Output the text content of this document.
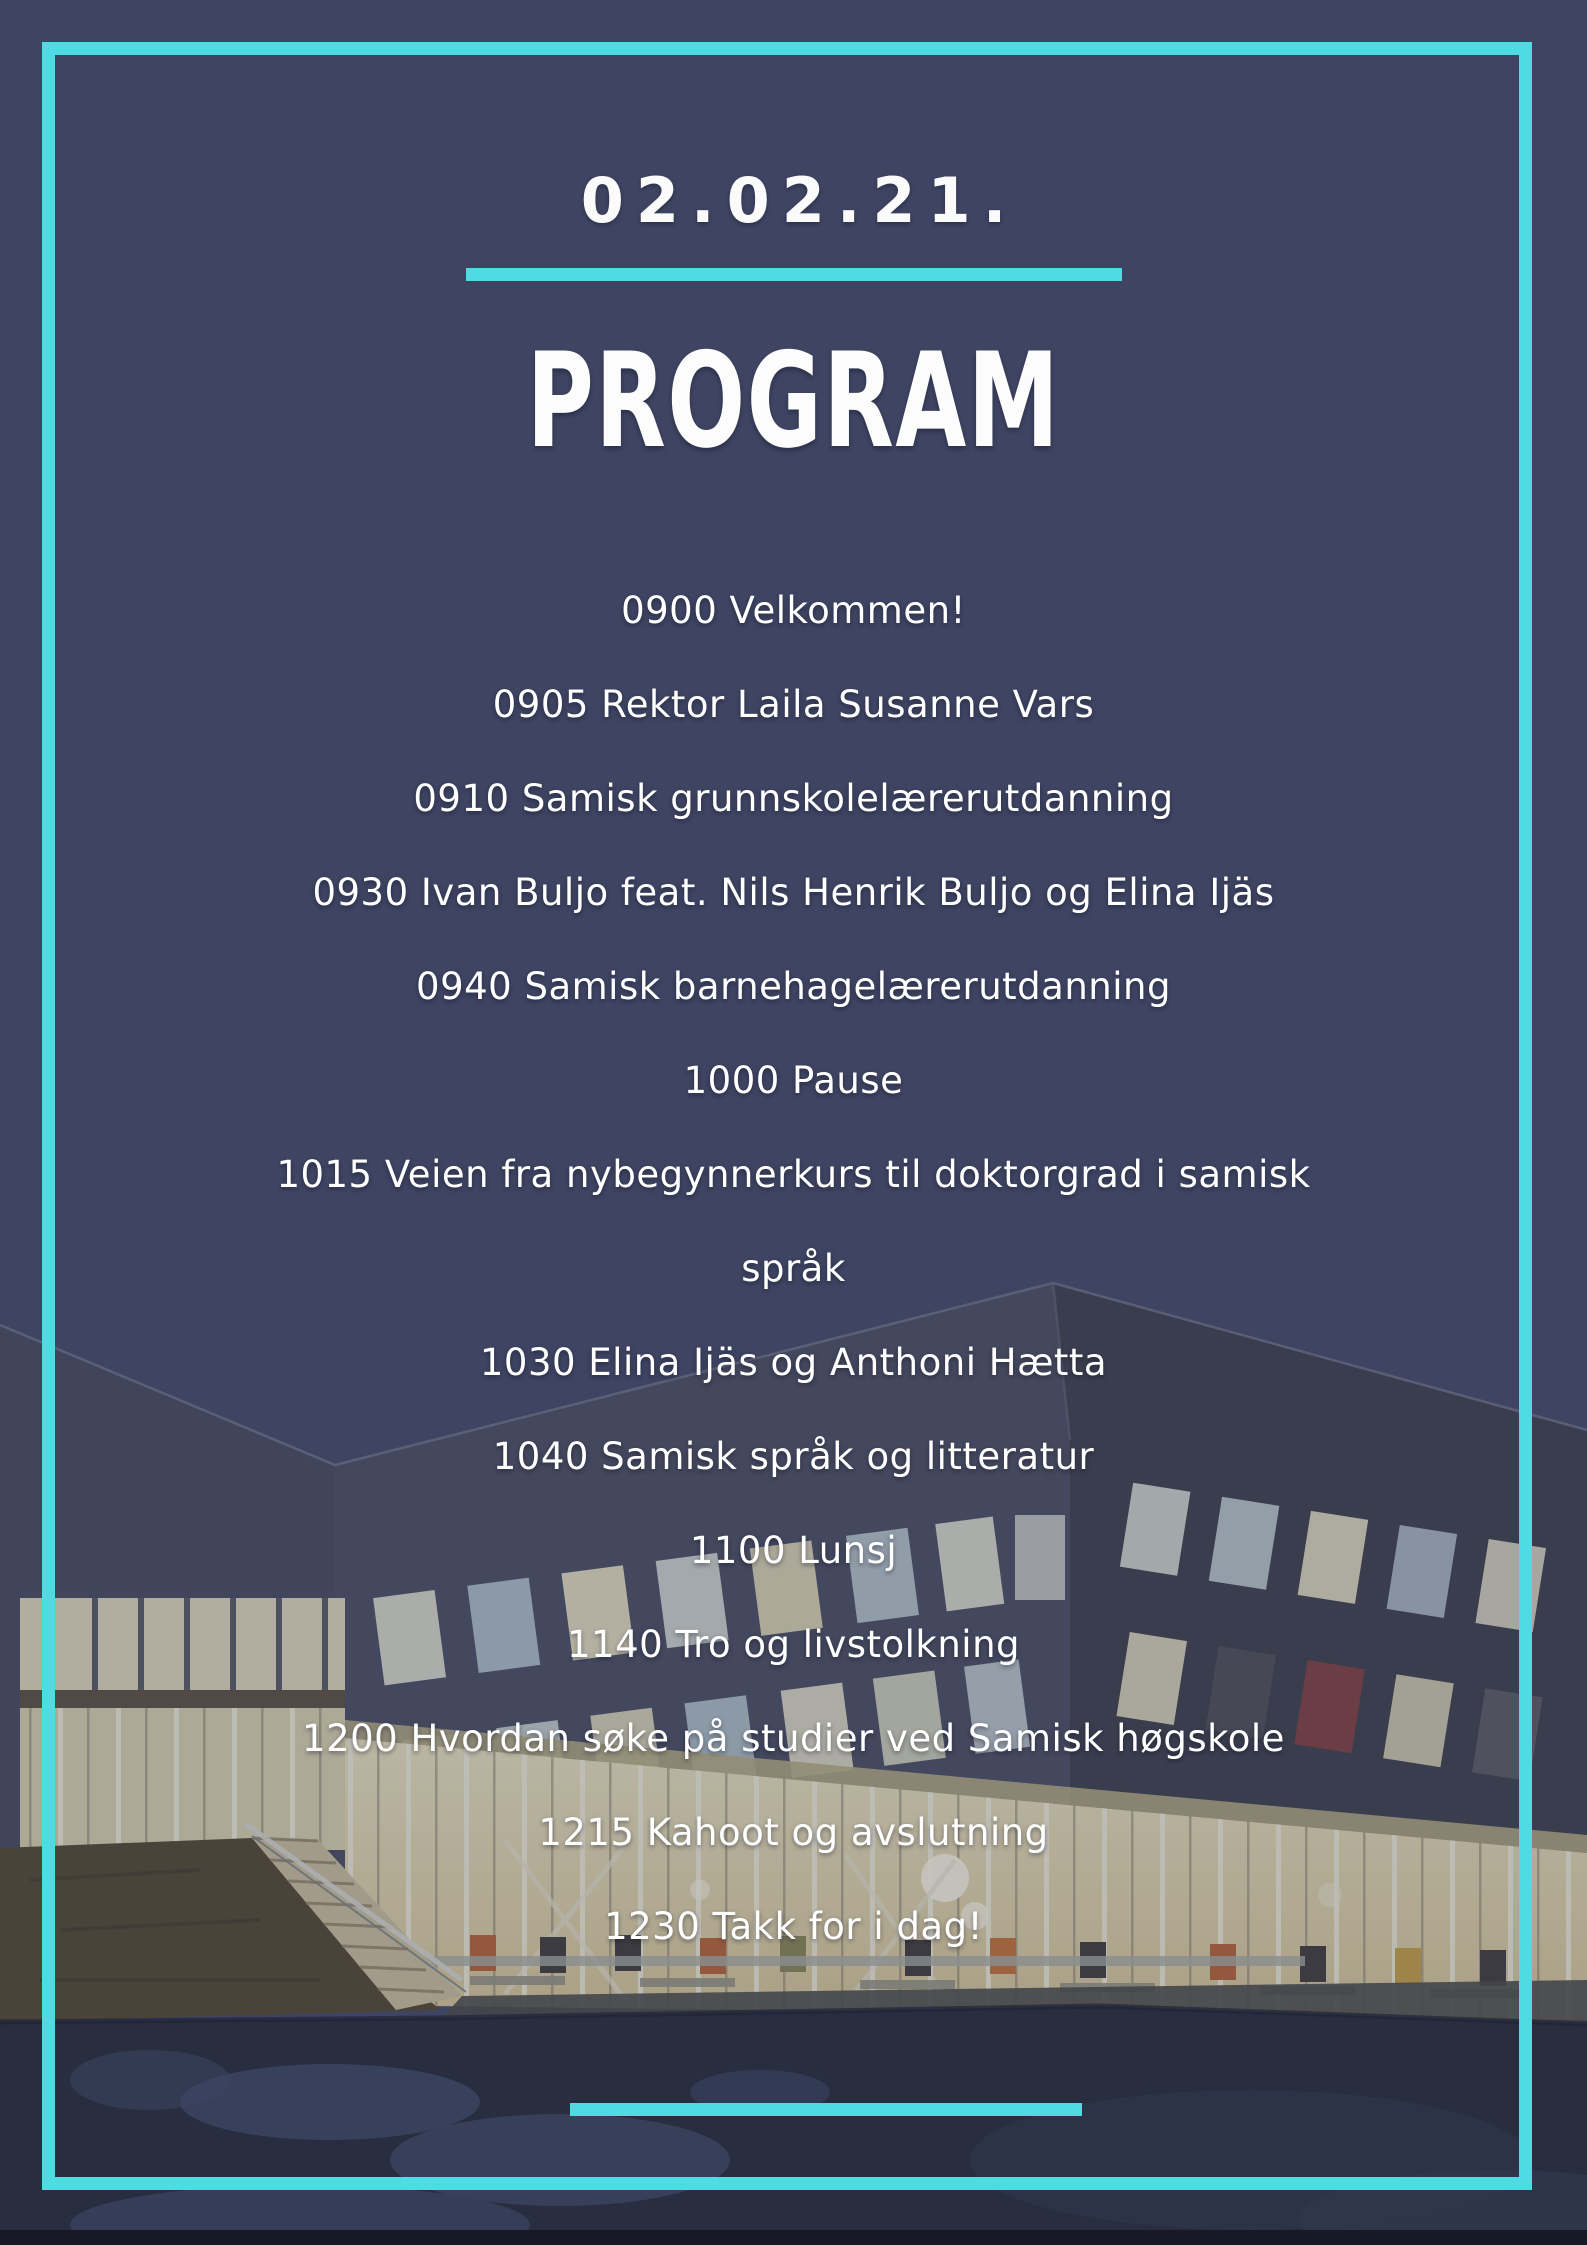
02.02.21.
PROGRAM
0900 Velkommen!
0905 Rektor Laila Susanne Vars
0910 Samisk grunnskolelærerutdanning
0930 Ivan Buljo feat. Nils Henrik Buljo og Elina Ijäs
0940 Samisk barnehagelærerutdanning
1000 Pause
1015 Veien fra nybegynnerkurs til doktorgrad i samisk språk
1030 Elina Ijäs og Anthoni Hætta
1040 Samisk språk og litteratur
1100 Lunsj
1140 Tro og livstolkning
1200 Hvordan søke på studier ved Samisk høgskole
1215 Kahoot og avslutning
1230 Takk for i dag!
